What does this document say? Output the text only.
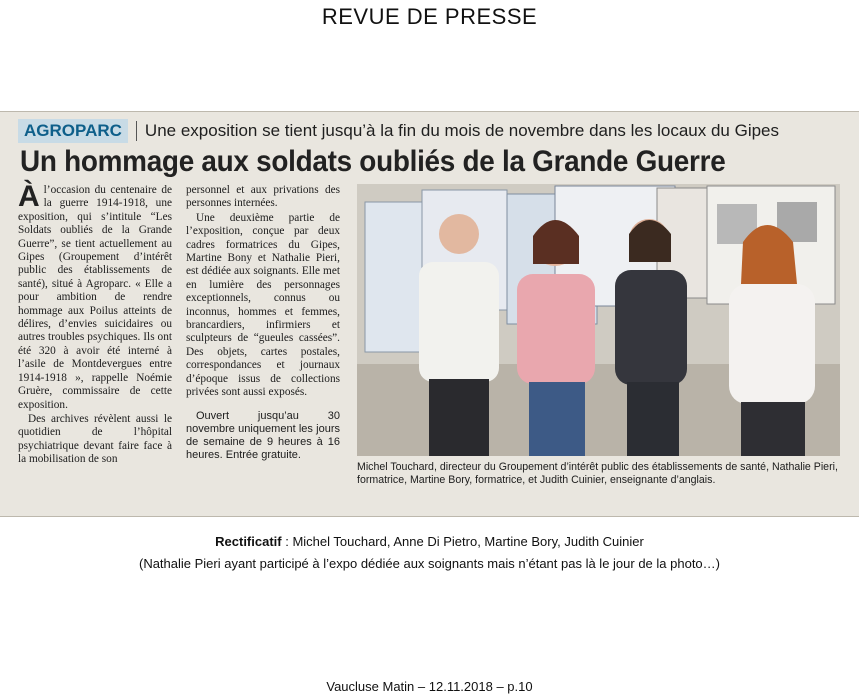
REVUE DE PRESSE
AGROPARC	Une exposition se tient jusqu’à la fin du mois de novembre dans les locaux du Gipes
Un hommage aux soldats oubliés de la Grande Guerre

Àl’occasion du centenaire de la guerre 1914-1918, une exposition, qui s’intitule “Les Soldats oubliés de la Grande Guerre”, se tient actuellement au Gipes (Groupement d’intérêt public des établissements de santé), situé à Agroparc. « Elle a pour ambition de rendre hommage aux Poilus atteints de délires, d’envies suicidaires ou autres troubles psychiques. Ils ont été 320 à avoir été interné à l’asile de Montdevergues entre 1914-1918 », rappelle Noémie Gruère, commissaire de cette exposition.

Des archives révèlent aussi le quotidien de l’hôpital psychiatrique devant faire face à la mobilisation de son

personnel et aux privations des personnes internées.

Une deuxième partie de l’exposition, conçue par deux cadres formatrices du Gipes, Martine Bony et Nathalie Pieri, est dédiée aux soignants. Elle met en lumière des personnages exceptionnels, connus ou inconnus, hommes et femmes, brancardiers, infirmiers et sculpteurs de “gueules cassées”. Des objets, cartes postales, correspondances et journaux d’époque issus de collections privées sont aussi exposés.

Ouvert jusqu’au 30 novembre uniquement les jours de semaine de 9 heures à 16 heures. Entrée gratuite.
Michel Touchard, directeur du Groupement d’intérêt public des établissements de santé, Nathalie Pieri, formatrice, Martine Bory, formatrice, et Judith Cuinier, enseignante d’anglais.
Rectificatif : Michel Touchard, Anne Di Pietro, Martine Bory, Judith Cuinier
(Nathalie Pieri ayant participé à l’expo dédiée aux soignants mais n’étant pas là le jour de la photo…)
Vaucluse Matin – 12.11.2018 – p.10
